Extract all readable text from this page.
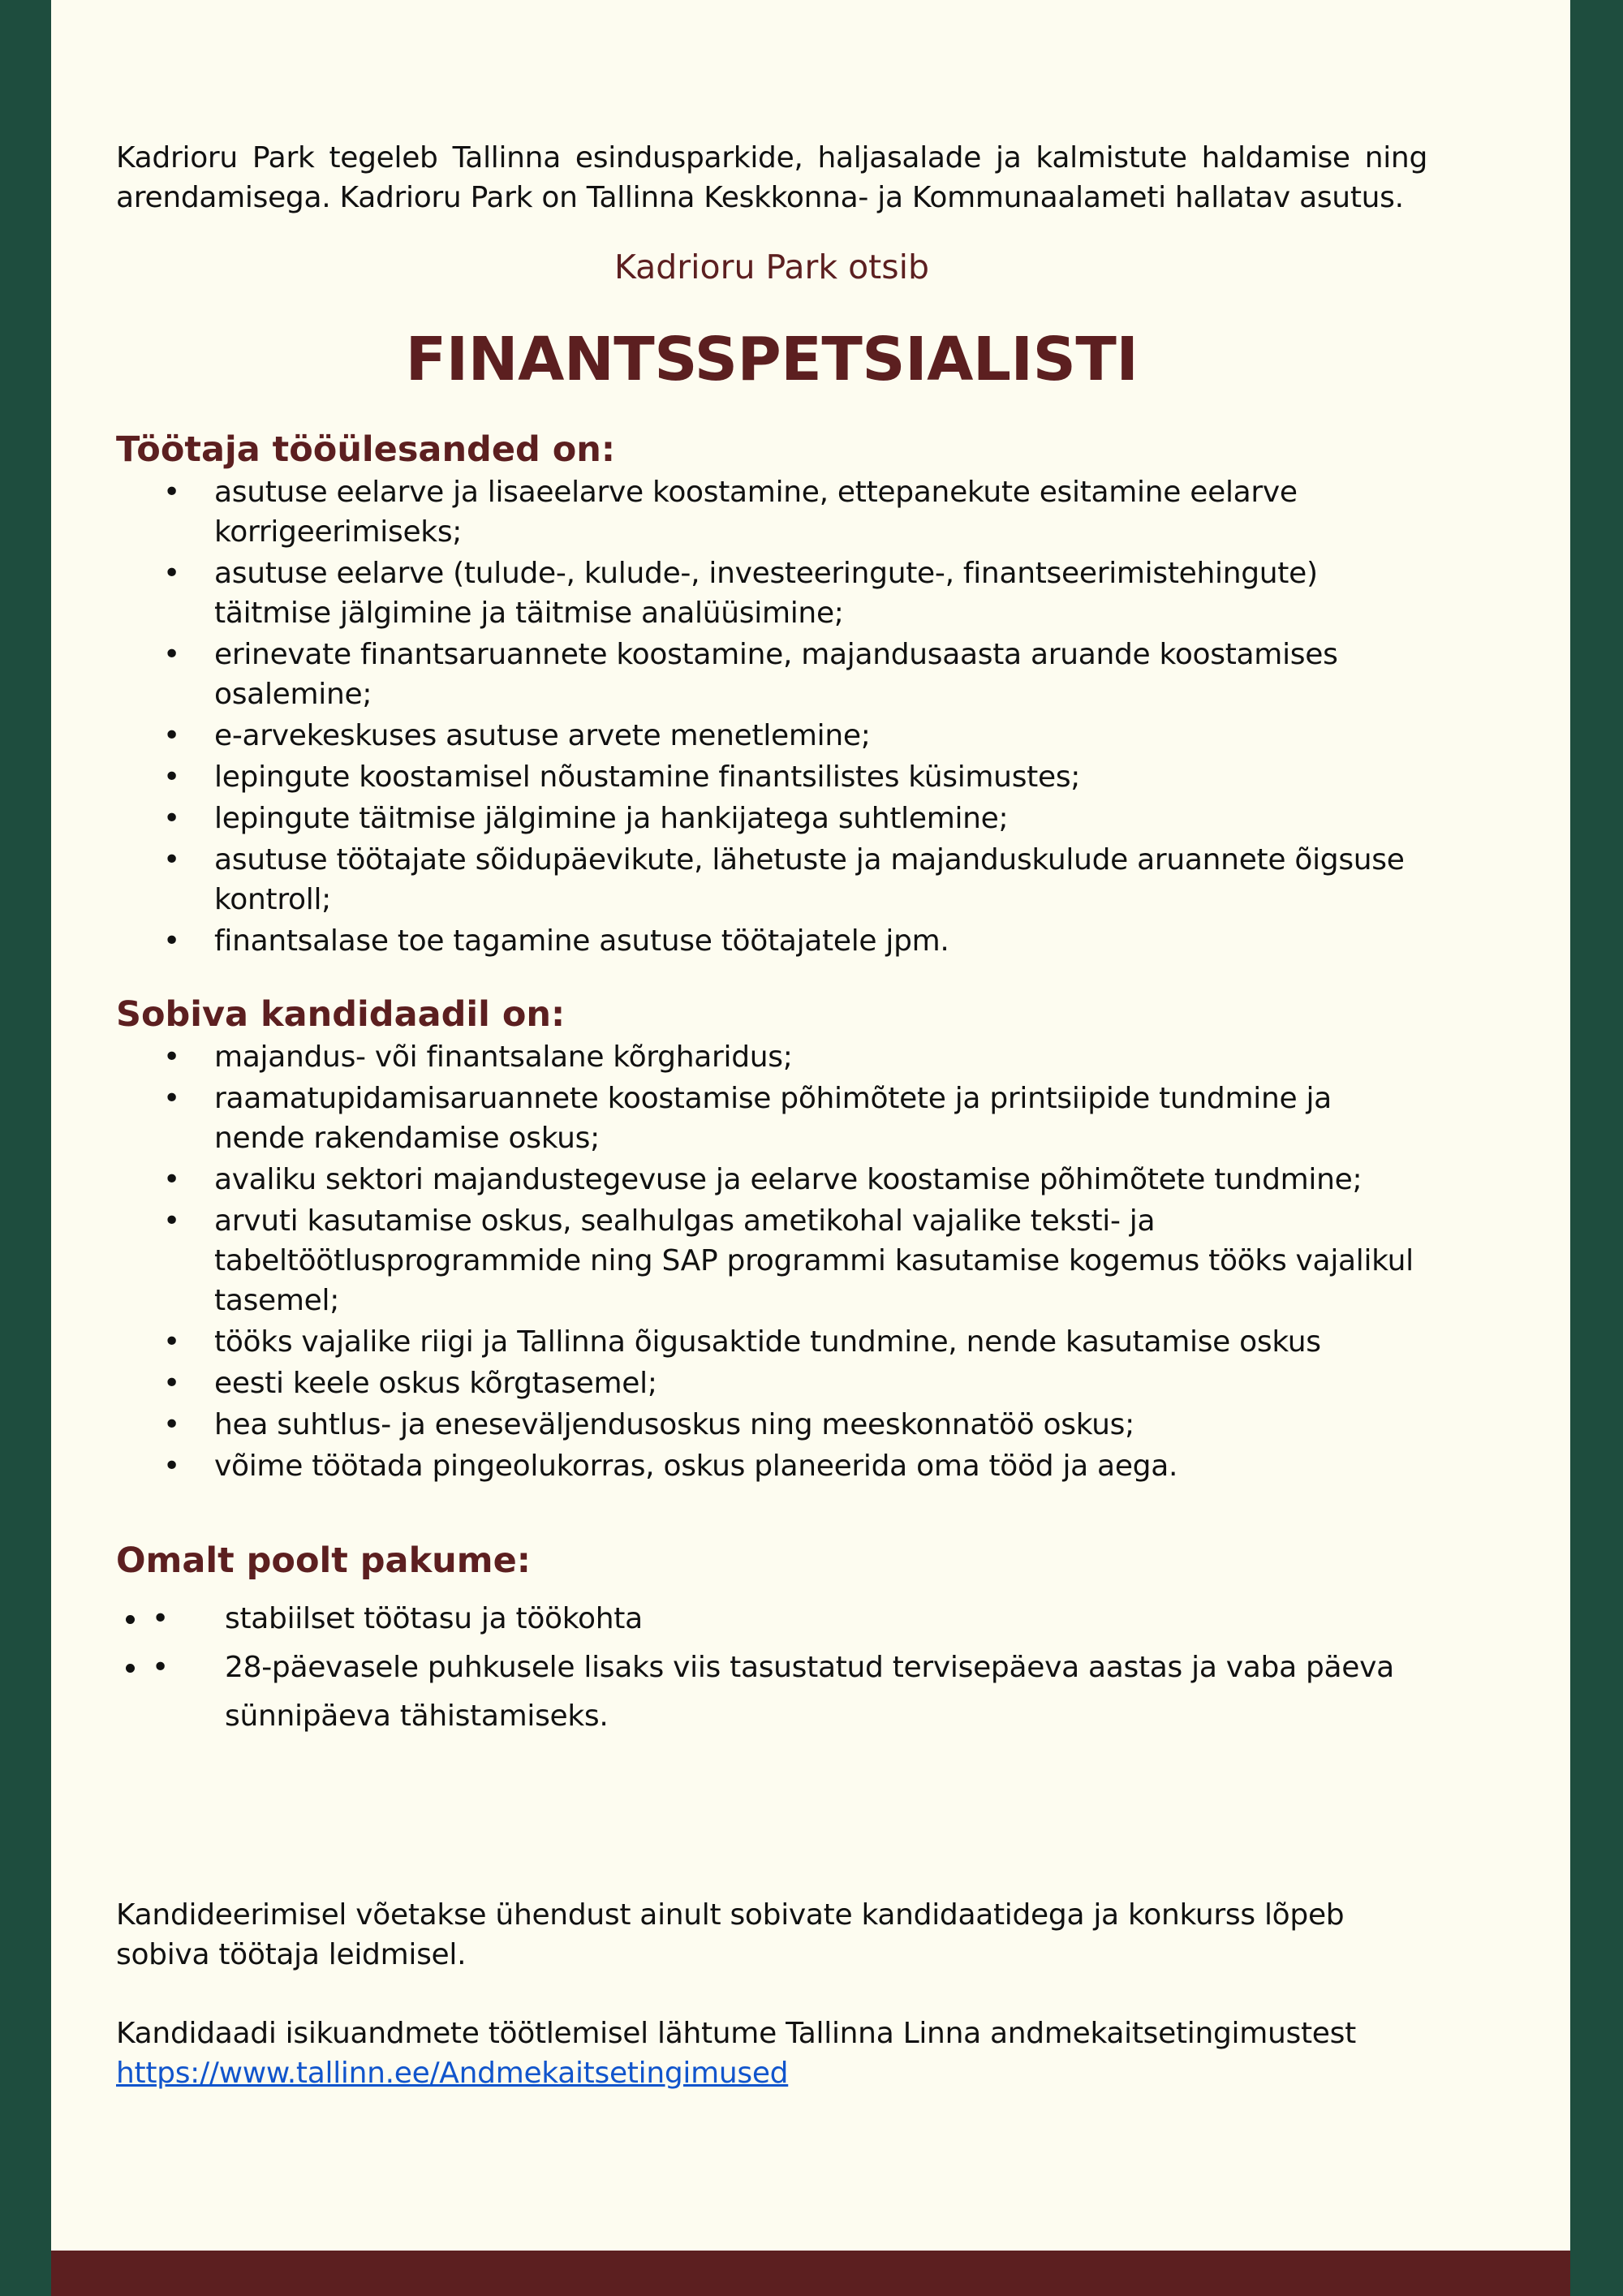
Kadrioru Park tegeleb Tallinna esindusparkide, haljasalade ja kalmistute haldamise ning arendamisega. Kadrioru Park on Tallinna Keskkonna- ja Kommunaalameti hallatav asutus.

Kadrioru Park otsib

FINANTSSPETSIALISTI
Töötaja tööülesanded on:
• asutuse eelarve ja lisaeelarve koostamine, ettepanekute esitamine eelarve korrigeerimiseks;
• asutuse eelarve (tulude-, kulude-, investeeringute-, finantseerimistehingute) täitmise jälgimine ja täitmise analüüsimine;
• erinevate finantsaruannete koostamine, majandusaasta aruande koostamises osalemine;
• e-arvekeskuses asutuse arvete menetlemine;
• lepingute koostamisel nõustamine finantsilistes küsimustes;
• lepingute täitmise jälgimine ja hankijatega suhtlemine;
• asutuse töötajate sõidupäevikute, lähetuste ja majanduskulude aruannete õigsuse kontroll;
• finantsalase toe tagamine asutuse töötajatele jpm.
Sobiva kandidaadil on:
• majandus- või finantsalane kõrgharidus;
• raamatupidamisaruannete koostamise põhimõtete ja printsiipide tundmine ja nende rakendamise oskus;
• avaliku sektori majandustegevuse ja eelarve koostamise põhimõtete tundmine;
• arvuti kasutamise oskus, sealhulgas ametikohal vajalike teksti- ja tabeltöötlusprogrammide ning SAP programmi kasutamise kogemus tööks vajalikul tasemel;
• tööks vajalike riigi ja Tallinna õigusaktide tundmine, nende kasutamise oskus
• eesti keele oskus kõrgtasemel;
• hea suhtlus- ja eneseväljendusoskus ning meeskonnatöö oskus;
• võime töötada pingeolukorras, oskus planeerida oma tööd ja aega.
Omalt poolt pakume:
• • stabiilset töötasu ja töökohta
• • 28-päevasele puhkusele lisaks viis tasustatud tervisepäeva aastas ja vaba päeva sünnipäeva tähistamiseks.

Kandideerimisel võetakse ühendust ainult sobivate kandidaatidega ja konkurss lõpeb sobiva töötaja leidmisel.

Kandidaadi isikuandmete töötlemisel lähtume Tallinna Linna andmekaitsetingimustest
https://www.tallinn.ee/Andmekaitsetingimused
